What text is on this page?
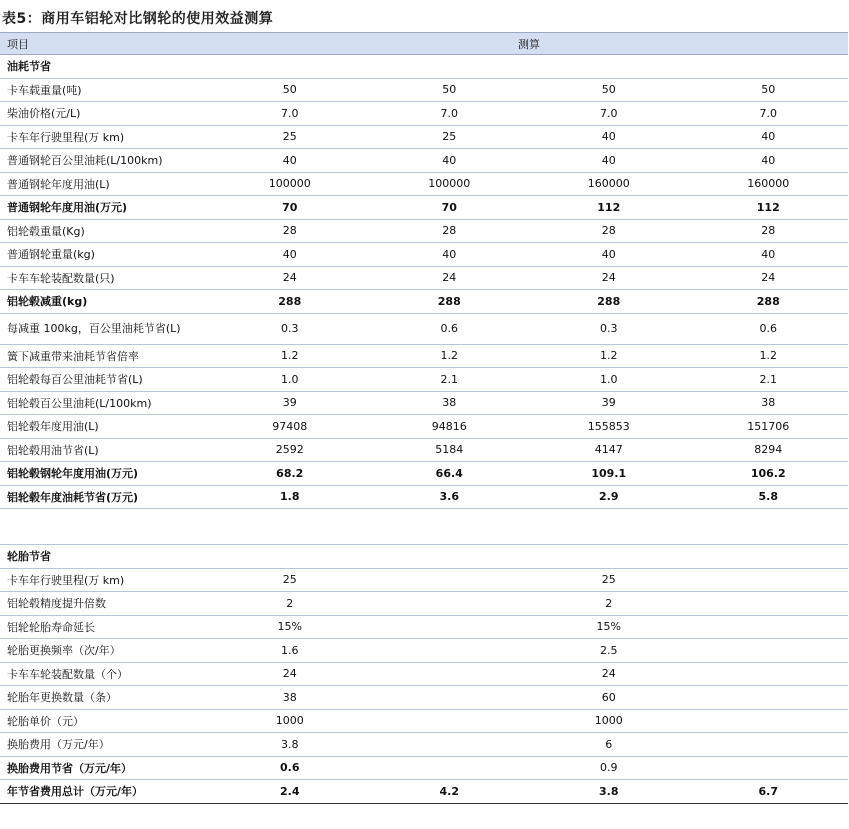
表5：商用车铝轮对比钢轮的使用效益测算
项目	测算			
油耗节省				
卡车载重量(吨)	50	50	50	50
柴油价格(元/L)	7.0	7.0	7.0	7.0
卡车年行驶里程(万 km)	25	25	40	40
普通钢轮百公里油耗(L/100km)	40	40	40	40
普通钢轮年度用油(L)	100000	100000	160000	160000
普通钢轮年度用油(万元)	70	70	112	112
铝轮毂重量(Kg)	28	28	28	28
普通钢轮重量(kg)	40	40	40	40
卡车车轮装配数量(只)	24	24	24	24
铝轮毂减重(kg)	288	288	288	288
每减重 100kg，百公里油耗节省(L)	0.3	0.6	0.3	0.6
簧下减重带来油耗节省倍率	1.2	1.2	1.2	1.2
铝轮毂每百公里油耗节省(L)	1.0	2.1	1.0	2.1
铝轮毂百公里油耗(L/100km)	39	38	39	38
铝轮毂年度用油(L)	97408	94816	155853	151706
铝轮毂用油节省(L)	2592	5184	4147	8294
铝轮毂钢轮年度用油(万元)	68.2	66.4	109.1	106.2
铝轮毂年度油耗节省(万元)	1.8	3.6	2.9	5.8

轮胎节省				
卡车年行驶里程(万 km)	25		25	
铝轮毂精度提升倍数	2		2	
铝轮轮胎寿命延长	15%		15%	
轮胎更换频率（次/年）	1.6		2.5	
卡车车轮装配数量（个）	24		24	
轮胎年更换数量（条）	38		60	
轮胎单价（元）	1000		1000	
换胎费用（万元/年）	3.8		6	
换胎费用节省（万元/年）	0.6		0.9	
年节省费用总计（万元/年）	2.4	4.2	3.8	6.7
